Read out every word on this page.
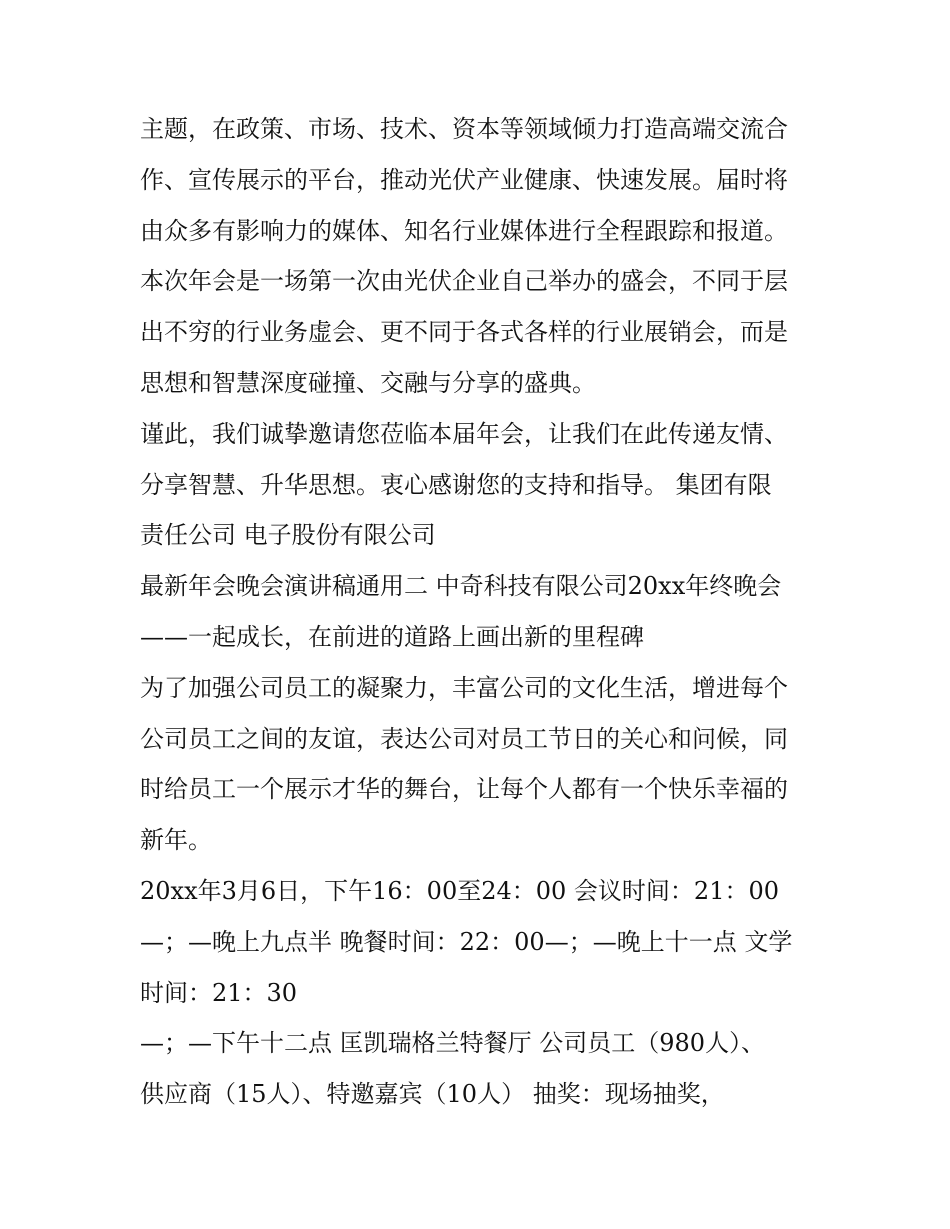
主题，在政策、市场、技术、资本等领域倾力打造高端交流合
作、宣传展示的平台，推动光伏产业健康、快速发展。届时将
由众多有影响力的媒体、知名行业媒体进行全程跟踪和报道。
本次年会是一场第一次由光伏企业自己举办的盛会，不同于层
出不穷的行业务虚会、更不同于各式各样的行业展销会，而是
思想和智慧深度碰撞、交融与分享的盛典。
谨此，我们诚挚邀请您莅临本届年会，让我们在此传递友情、
分享智慧、升华思想。衷心感谢您的支持和指导。 集团有限
责任公司 电子股份有限公司
最新年会晚会演讲稿通用二 中奇科技有限公司20xx年终晚会
——一起成长，在前进的道路上画出新的里程碑
为了加强公司员工的凝聚力，丰富公司的文化生活，增进每个
公司员工之间的友谊，表达公司对员工节日的关心和问候，同
时给员工一个展示才华的舞台，让每个人都有一个快乐幸福的
新年。
20xx年3月6日，下午16：00至24：00 会议时间：21：00
—；—晚上九点半 晚餐时间：22：00—；—晚上十一点 文学
时间：21：30
—；—下午十二点 匡凯瑞格兰特餐厅 公司员工（980人）、
供应商（15人）、特邀嘉宾（10人） 抽奖：现场抽奖，
